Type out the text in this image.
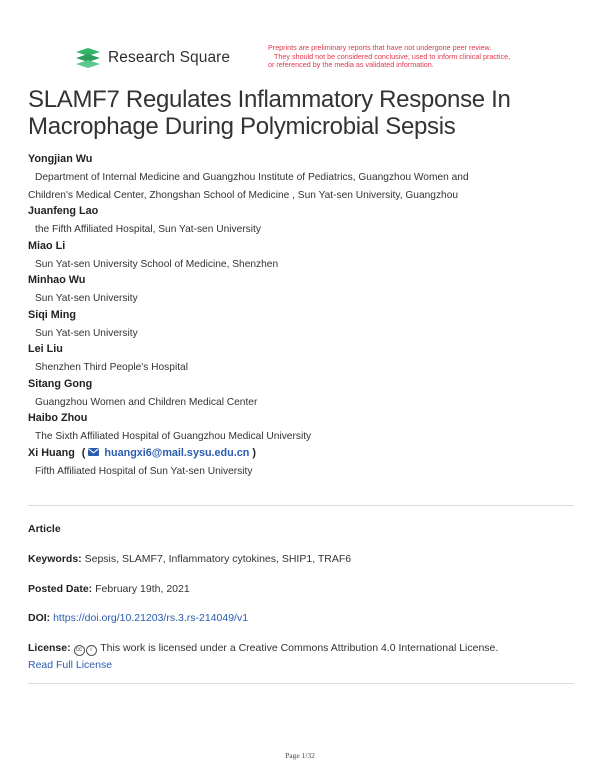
Research Square
Preprints are preliminary reports that have not undergone peer review.
They should not be considered conclusive, used to inform clinical practice,
or referenced by the media as validated information.
SLAMF7 Regulates Inflammatory Response In
Macrophage During Polymicrobial Sepsis
Yongjian Wu
Department of Internal Medicine and Guangzhou Institute of Pediatrics, Guangzhou Women and
Children's Medical Center, Zhongshan School of Medicine , Sun Yat-sen University, Guangzhou
Juanfeng Lao
the Fifth Affiliated Hospital, Sun Yat-sen University
Miao Li
Sun Yat-sen University School of Medicine, Shenzhen
Minhao Wu
Sun Yat-sen University
Siqi Ming
Sun Yat-sen University
Lei Liu
Shenzhen Third People's Hospital
Sitang Gong
Guangzhou Women and Children Medical Center
Haibo Zhou
The Sixth Affiliated Hospital of Guangzhou Medical University
Xi Huang ( huangxi6@mail.sysu.edu.cn )
Fifth Affiliated Hospital of Sun Yat-sen University
Article
Keywords: Sepsis, SLAMF7, Inflammatory cytokines, SHIP1, TRAF6
Posted Date: February 19th, 2021
DOI: https://doi.org/10.21203/rs.3.rs-214049/v1
License: cc i This work is licensed under a Creative Commons Attribution 4.0 International License.
Read Full License
Page 1/32
